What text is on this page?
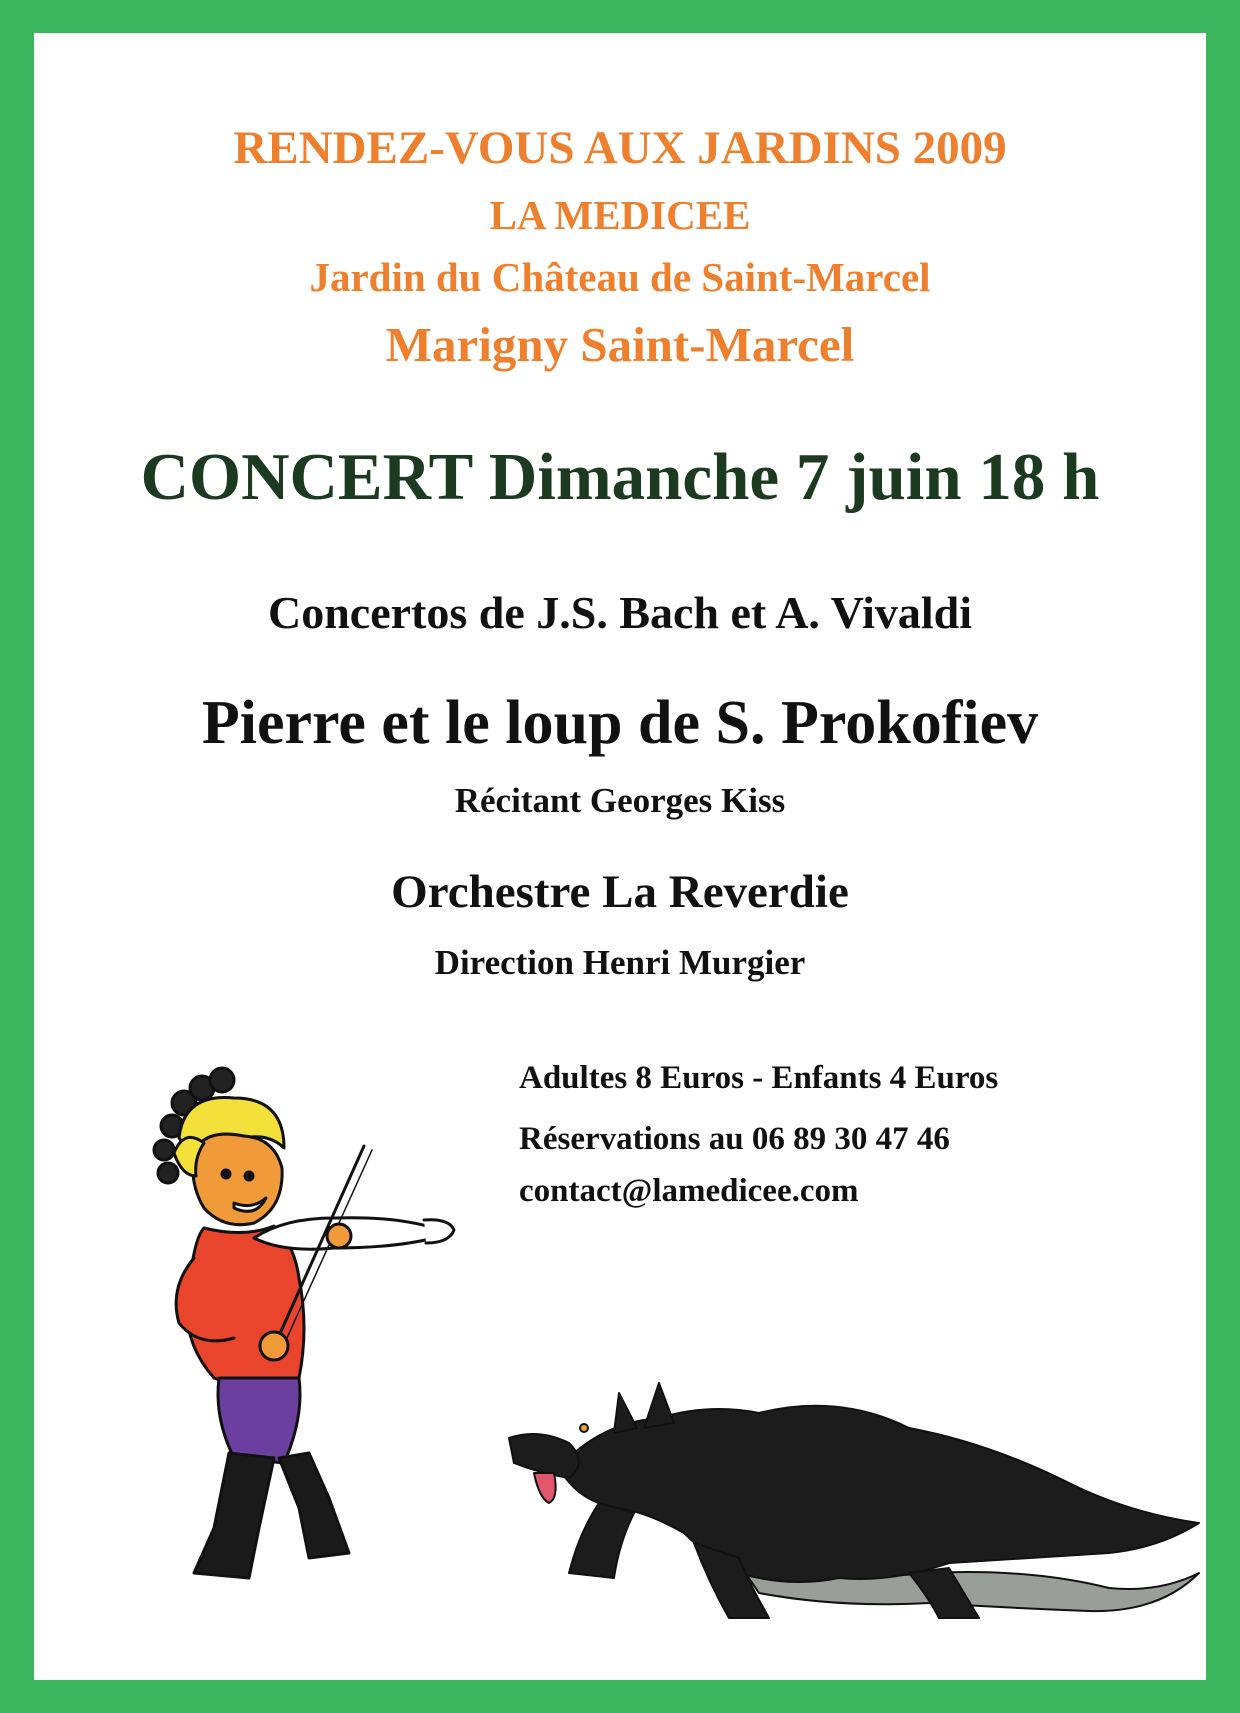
RENDEZ-VOUS AUX JARDINS 2009

LA MEDICEE

Jardin du Château de Saint-Marcel

Marigny Saint-Marcel

CONCERT Dimanche 7 juin 18 h

Concertos de J.S. Bach et A. Vivaldi

Pierre et le loup de S. Prokofiev

Récitant Georges Kiss

Orchestre La Reverdie

Direction Henri Murgier

Adultes 8 Euros - Enfants 4 Euros

Réservations au 06 89 30 47 46

contact@lamedicee.com
